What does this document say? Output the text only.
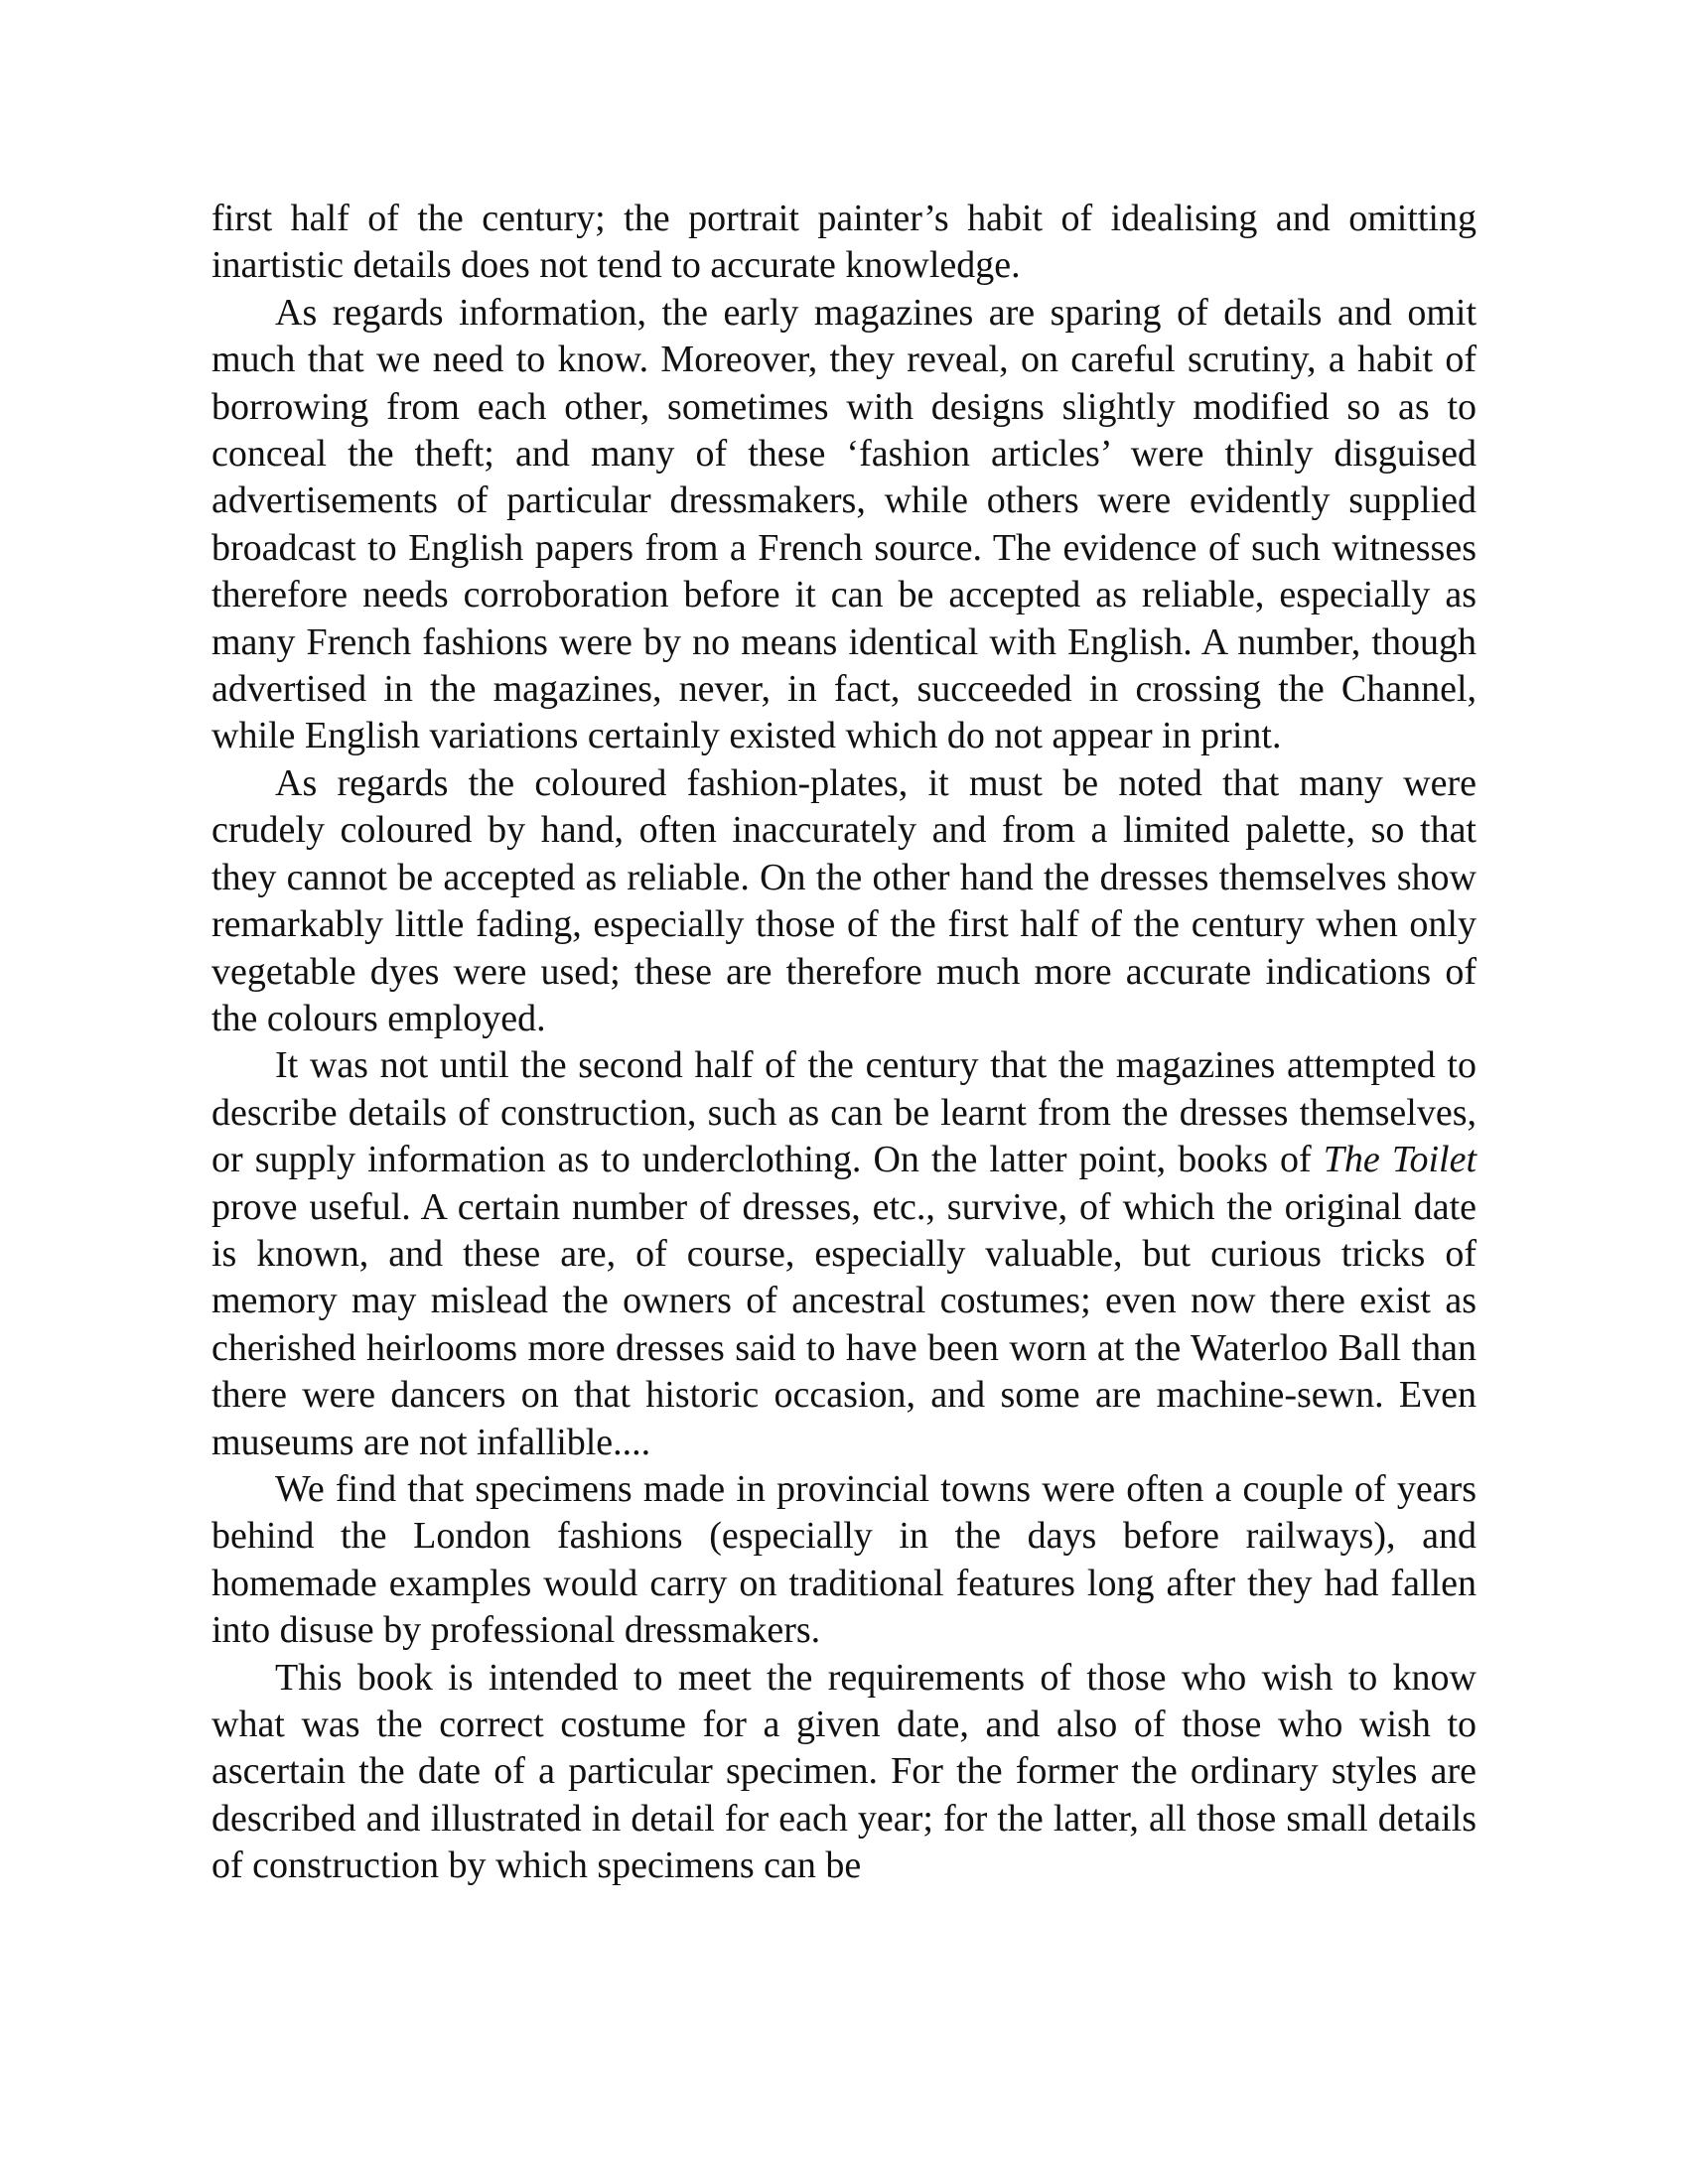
first half of the century; the portrait painter’s habit of idealising and omitting inartistic details does not tend to accurate knowledge.

As regards information, the early magazines are sparing of details and omit much that we need to know. Moreover, they reveal, on careful scrutiny, a habit of borrowing from each other, sometimes with designs slightly modified so as to conceal the theft; and many of these ‘fashion articles’ were thinly disguised advertisements of particular dressmakers, while others were evidently supplied broadcast to English papers from a French source. The evidence of such witnesses therefore needs corroboration before it can be accepted as reliable, especially as many French fashions were by no means identical with English. A number, though advertised in the magazines, never, in fact, succeeded in crossing the Channel, while English variations certainly existed which do not appear in print.

As regards the coloured fashion-plates, it must be noted that many were crudely coloured by hand, often inaccurately and from a limited palette, so that they cannot be accepted as reliable. On the other hand the dresses themselves show remarkably little fading, especially those of the first half of the century when only vegetable dyes were used; these are therefore much more accurate indications of the colours employed.

It was not until the second half of the century that the magazines attempted to describe details of construction, such as can be learnt from the dresses themselves, or supply information as to underclothing. On the latter point, books of The Toilet prove useful. A certain number of dresses, etc., survive, of which the original date is known, and these are, of course, especially valuable, but curious tricks of memory may mislead the owners of ancestral costumes; even now there exist as cherished heirlooms more dresses said to have been worn at the Waterloo Ball than there were dancers on that historic occasion, and some are machine-sewn. Even museums are not infallible....

We find that specimens made in provincial towns were often a couple of years behind the London fashions (especially in the days before railways), and homemade examples would carry on traditional features long after they had fallen into disuse by professional dressmakers.

This book is intended to meet the requirements of those who wish to know what was the correct costume for a given date, and also of those who wish to ascertain the date of a particular specimen. For the former the ordinary styles are described and illustrated in detail for each year; for the latter, all those small details of construction by which specimens can be
